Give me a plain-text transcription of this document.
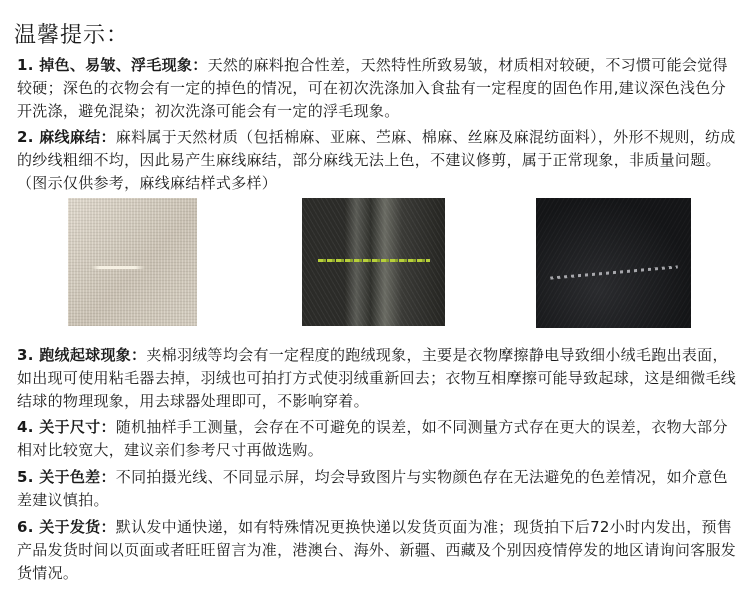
温馨提示：
1. 掉色、易皱、浮毛现象：天然的麻料抱合性差，天然特性所致易皱，材质相对较硬，不习惯可能会觉得较硬；深色的衣物会有一定的掉色的情况，可在初次洗涤加入食盐有一定程度的固色作用,建议深色浅色分开洗涤，避免混染；初次洗涤可能会有一定的浮毛现象。
2. 麻线麻结：麻料属于天然材质（包括棉麻、亚麻、苎麻、棉麻、丝麻及麻混纺面料），外形不规则，纺成的纱线粗细不均，因此易产生麻线麻结，部分麻线无法上色，不建议修剪，属于正常现象，非质量问题。（图示仅供参考，麻线麻结样式多样）
3. 跑绒起球现象：夹棉羽绒等均会有一定程度的跑绒现象，主要是衣物摩擦静电导致细小绒毛跑出表面，如出现可使用粘毛器去掉，羽绒也可拍打方式使羽绒重新回去；衣物互相摩擦可能导致起球，这是细微毛线结球的物理现象，用去球器处理即可，不影响穿着。
4. 关于尺寸：随机抽样手工测量，会存在不可避免的误差，如不同测量方式存在更大的误差，衣物大部分相对比较宽大，建议亲们参考尺寸再做选购。
5. 关于色差：不同拍摄光线、不同显示屏，均会导致图片与实物颜色存在无法避免的色差情况，如介意色差建议慎拍。
6. 关于发货：默认发中通快递，如有特殊情况更换快递以发货页面为准；现货拍下后72小时内发出，预售产品发货时间以页面或者旺旺留言为准，港澳台、海外、新疆、西藏及个别因疫情停发的地区请询问客服发货情况。
